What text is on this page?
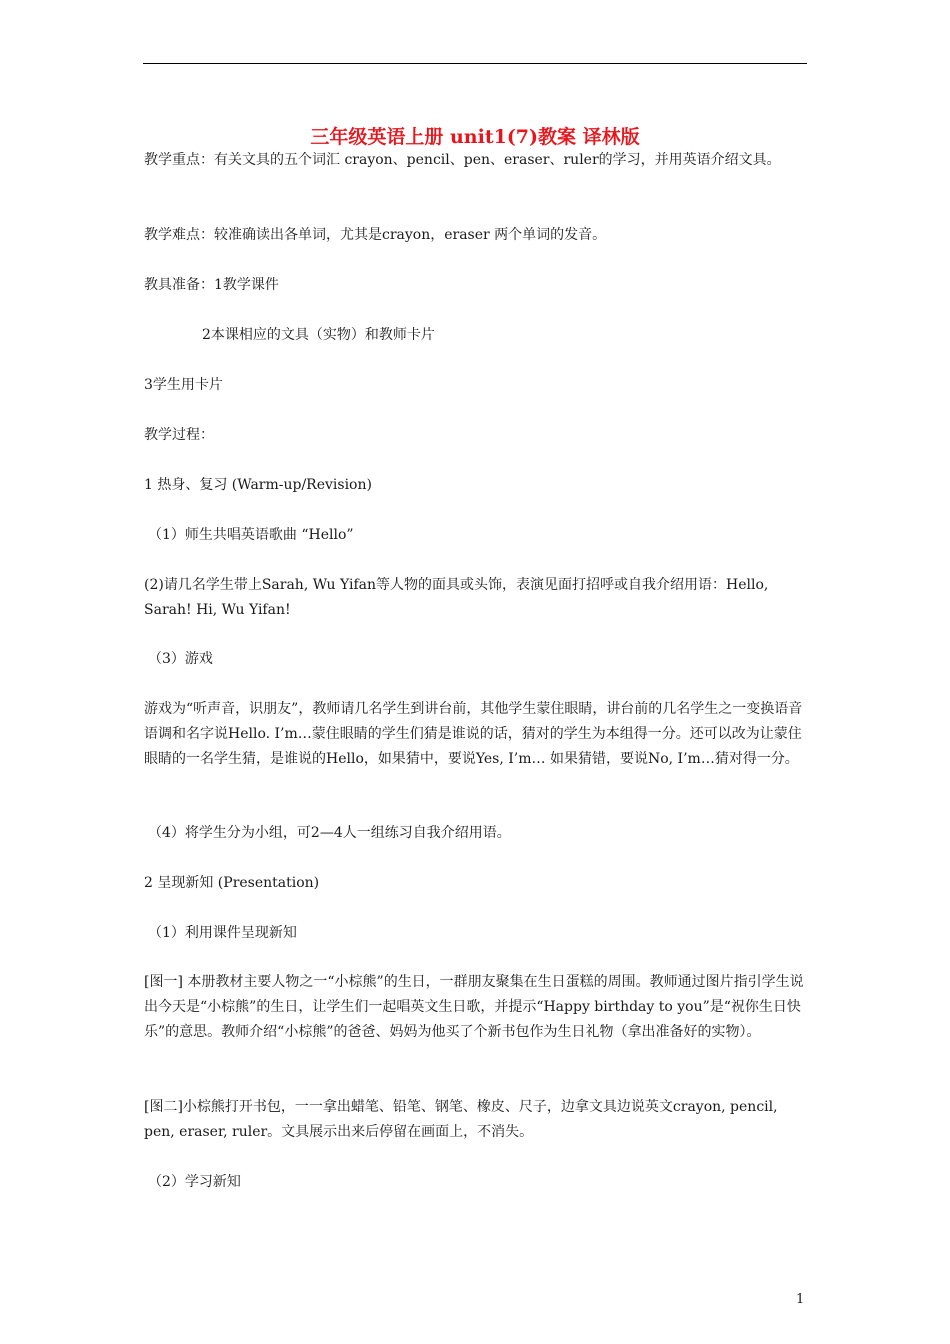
三年级英语上册 unit1(7)教案 译林版

教学重点：有关文具的五个词汇 crayon、pencil、pen、eraser、ruler的学习，并用英语介绍文具。

教学难点：较准确读出各单词，尤其是crayon，eraser 两个单词的发音。

教具准备：1教学课件

2本课相应的文具（实物）和教师卡片

3学生用卡片

教学过程：

1 热身、复习 (Warm-up/Revision)

（1）师生共唱英语歌曲 “Hello”

(2)请几名学生带上Sarah, Wu Yifan等人物的面具或头饰，表演见面打招呼或自我介绍用语：Hello, Sarah! Hi, Wu Yifan!

（3）游戏

游戏为“听声音，识朋友”，教师请几名学生到讲台前，其他学生蒙住眼睛，讲台前的几名学生之一变换语音语调和名字说Hello. I’m…蒙住眼睛的学生们猜是谁说的话，猜对的学生为本组得一分。还可以改为让蒙住眼睛的一名学生猜，是谁说的Hello，如果猜中，要说Yes, I’m… 如果猜错，要说No, I’m…猜对得一分。

（4）将学生分为小组，可2—4人一组练习自我介绍用语。

2 呈现新知 (Presentation)

（1）利用课件呈现新知

[图一] 本册教材主要人物之一“小棕熊”的生日，一群朋友聚集在生日蛋糕的周围。教师通过图片指引学生说出今天是“小棕熊”的生日，让学生们一起唱英文生日歌，并提示“Happy birthday to you”是“祝你生日快乐”的意思。教师介绍“小棕熊”的爸爸、妈妈为他买了个新书包作为生日礼物（拿出准备好的实物）。

[图二]小棕熊打开书包，一一拿出蜡笔、铅笔、钢笔、橡皮、尺子，边拿文具边说英文crayon, pencil, pen, eraser, ruler。文具展示出来后停留在画面上，不消失。

（2）学习新知

1
